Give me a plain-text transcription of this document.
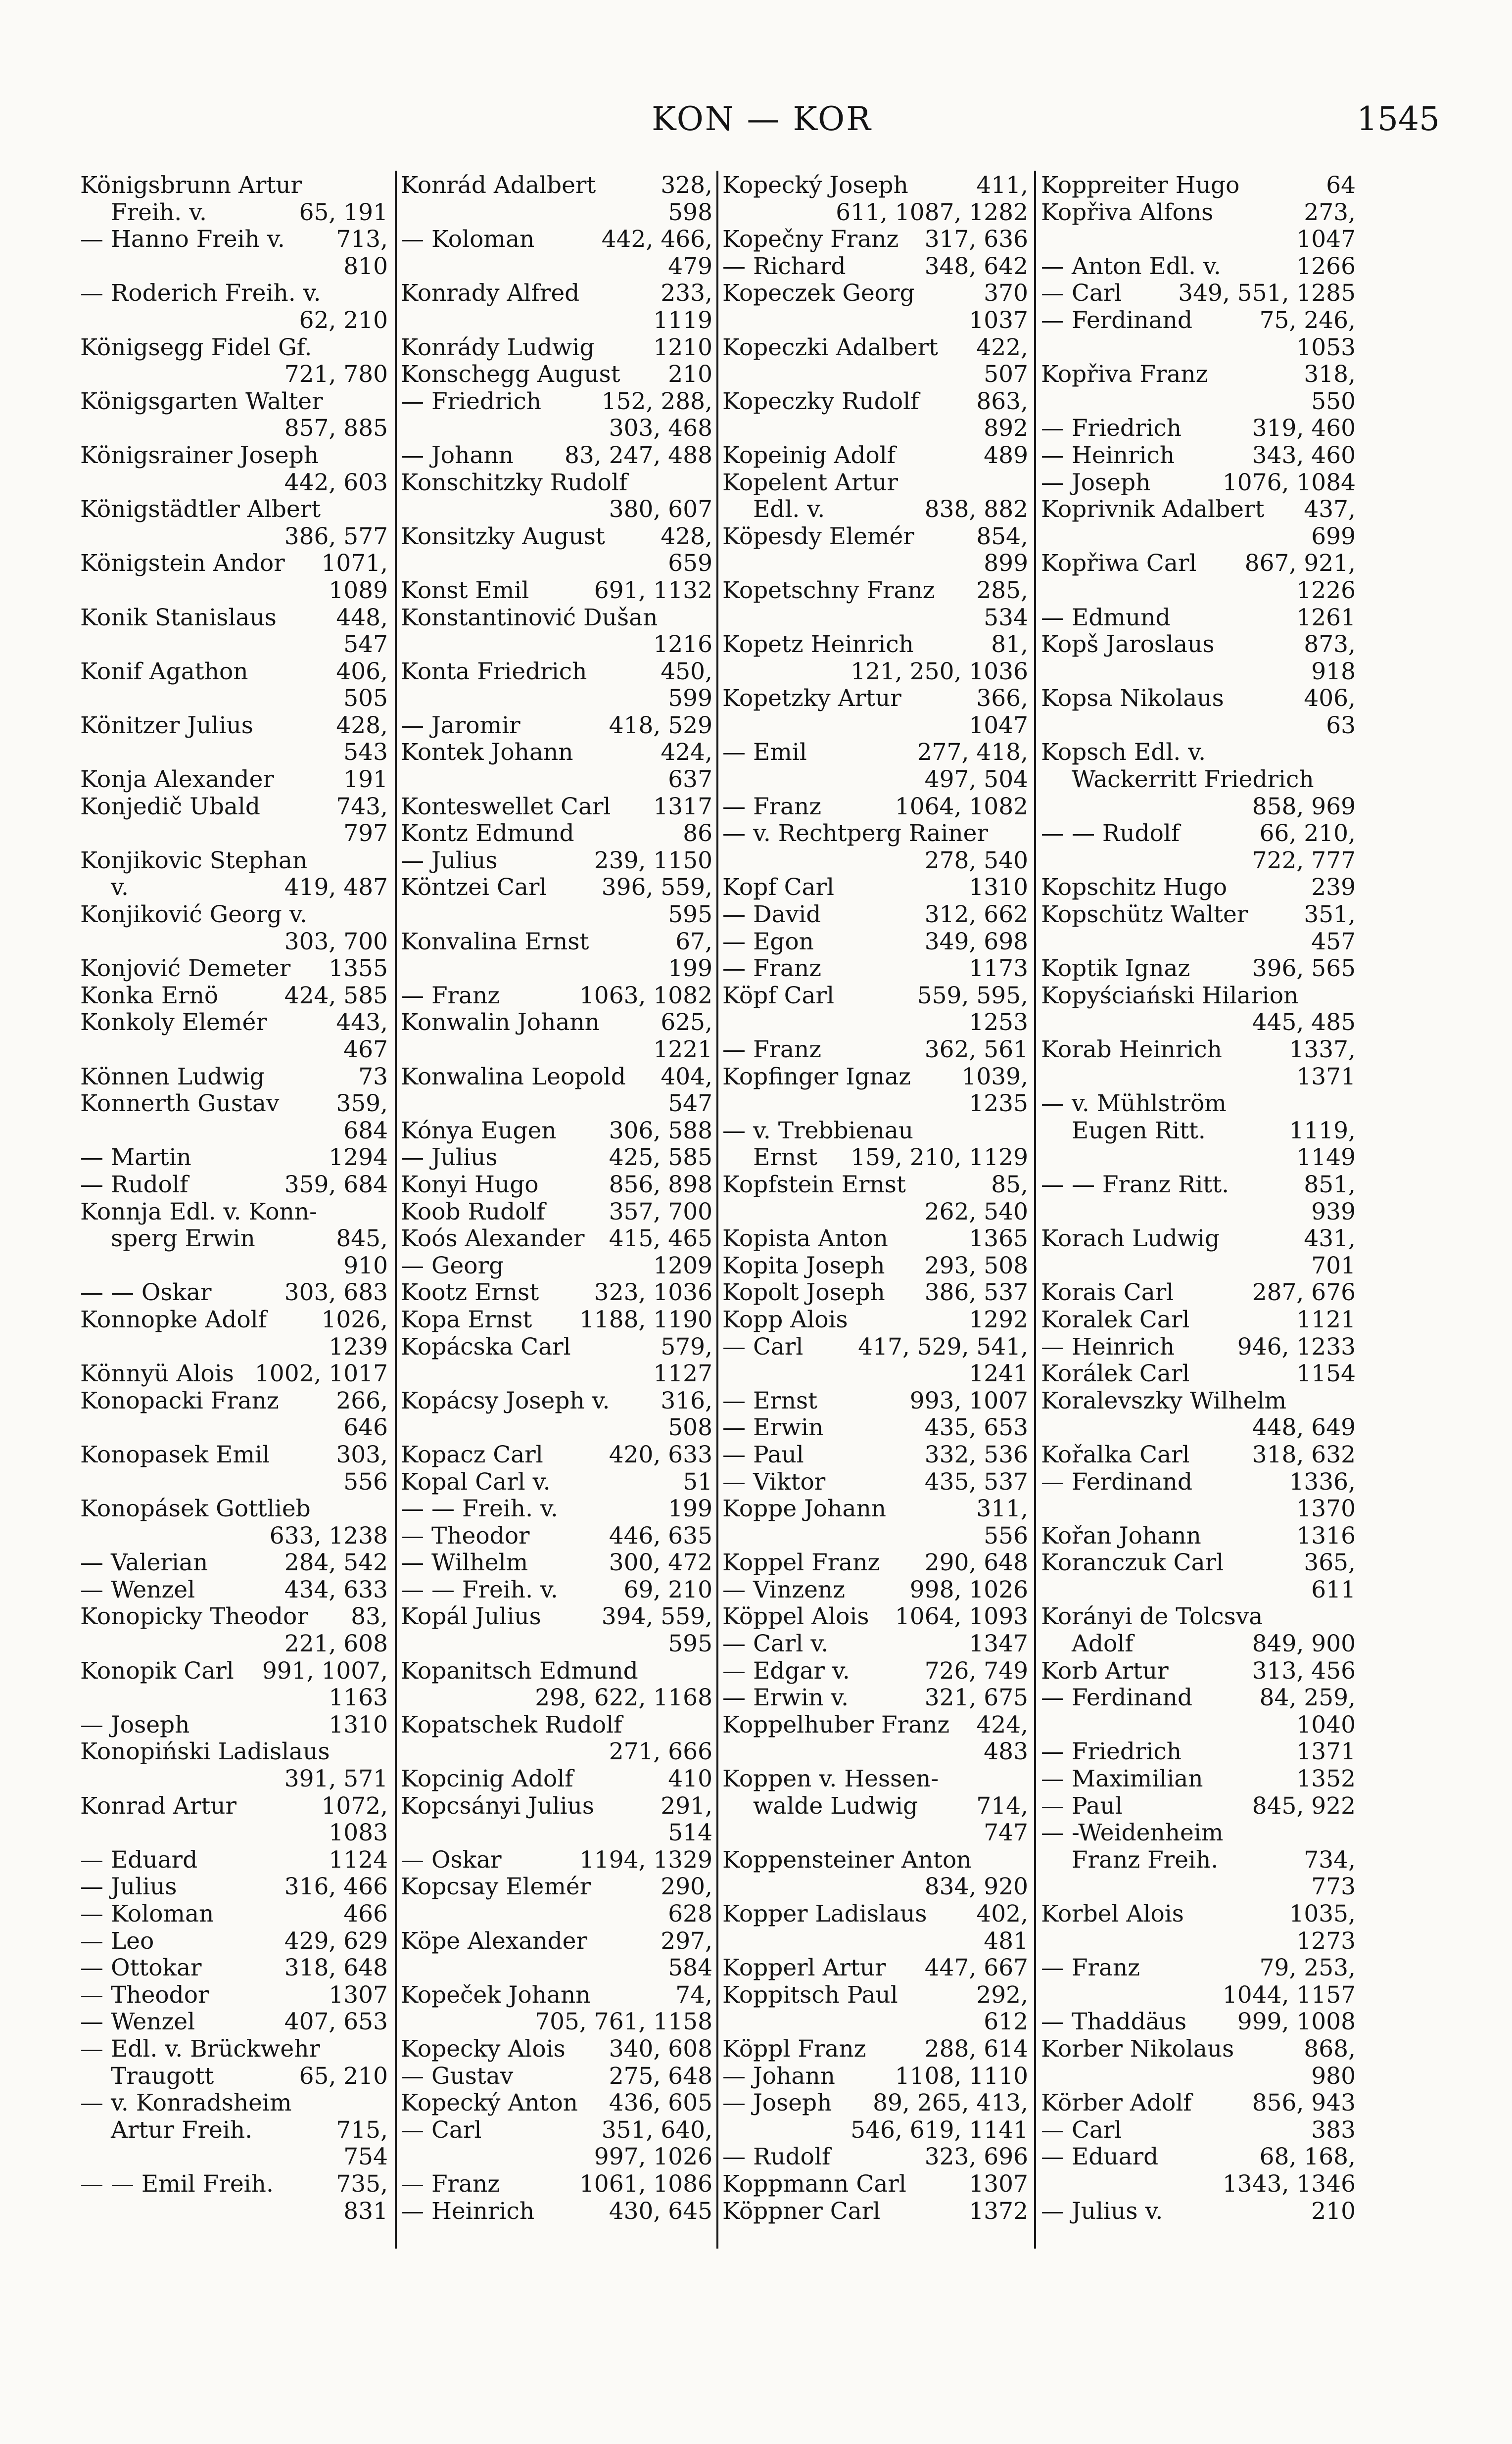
KON — KOR	1545
Königsbrunn Artur
Freih. v.	65, 191
— Hanno Freih v.	713,
810
— Roderich Freih. v.
62, 210
Königsegg Fidel Gf.
721, 780
Königsgarten Walter
857, 885
Königsrainer Joseph
442, 603
Königstädtler Albert
386, 577
Königstein Andor	1071,
1089
Konik Stanislaus	448,
547
Konif Agathon	406,
505
Könitzer Julius	428,
543
Konja Alexander	191
Konjedič Ubald	743,
797
Konjikovic Stephan
v.	419, 487
Konjiković Georg v.
303, 700
Konjović Demeter	1355
Konka Ernö	424, 585
Konkoly Elemér	443,
467
Können Ludwig	73
Konnerth Gustav	359,
684
— Martin	1294
— Rudolf	359, 684
Konnja Edl. v. Konn-
sperg Erwin	845,
910
— — Oskar	303, 683
Konnopke Adolf	1026,
1239
Könnyü Alois 1002, 1017
Konopacki Franz	266,
646
Konopasek Emil	303,
556
Konopásek Gottlieb
633, 1238
— Valerian	284, 542
— Wenzel	434, 633
Konopicky Theodor	83,
221, 608
Konopik Carl	991, 1007,
1163
— Joseph	1310
Konopiński Ladislaus
391, 571
Konrad Artur	1072,
1083
— Eduard	1124
— Julius	316, 466
— Koloman	466
— Leo	429, 629
— Ottokar	318, 648
— Theodor	1307
— Wenzel	407, 653
— Edl. v. Brückwehr
Traugott	65, 210
— v. Konradsheim
Artur Freih.	715,
754
— — Emil Freih.	735,
831
Konrád Adalbert	328,
598
— Koloman	442, 466,
479
Konrady Alfred	233,
1119
Konrády Ludwig	1210
Konschegg August	210
— Friedrich	152, 288,
303, 468
— Johann	83, 247, 488
Konschitzky Rudolf
380, 607
Konsitzky August	428,
659
Konst Emil	691, 1132
Konstantinović Dušan
1216
Konta Friedrich	450,
599
— Jaromir	418, 529
Kontek Johann	424,
637
Konteswellet Carl	1317
Kontz Edmund	86
— Julius	239, 1150
Köntzei Carl	396, 559,
595
Konvalina Ernst	67,
199
— Franz	1063, 1082
Konwalin Johann	625,
1221
Konwalina Leopold	404,
547
Kónya Eugen	306, 588
— Julius	425, 585
Konyi Hugo	856, 898
Koob Rudolf	357, 700
Koós Alexander	415, 465
— Georg	1209
Kootz Ernst	323, 1036
Kopa Ernst	1188, 1190
Kopácska Carl	579,
1127
Kopácsy Joseph v.	316,
508
Kopacz Carl	420, 633
Kopal Carl v.	51
— — Freih. v.	199
— Theodor	446, 635
— Wilhelm	300, 472
— — Freih. v.	69, 210
Kopál Julius	394, 559,
595
Kopanitsch Edmund
298, 622, 1168
Kopatschek Rudolf
271, 666
Kopcinig Adolf	410
Kopcsányi Julius	291,
514
— Oskar	1194, 1329
Kopcsay Elemér	290,
628
Köpe Alexander	297,
584
Kopeček Johann	74,
705, 761, 1158
Kopecky Alois	340, 608
— Gustav	275, 648
Kopecký Anton	436, 605
— Carl	351, 640,
997, 1026
— Franz	1061, 1086
— Heinrich	430, 645
Kopecký Joseph	411,
611, 1087, 1282
Kopečny Franz	317, 636
— Richard	348, 642
Kopeczek Georg	370
1037
Kopeczki Adalbert	422,
507
Kopeczky Rudolf	863,
892
Kopeinig Adolf	489
Kopelent Artur
Edl. v.	838, 882
Köpesdy Elemér	854,
899
Kopetschny Franz	285,
534
Kopetz Heinrich	81,
121, 250, 1036
Kopetzky Artur	366,
1047
— Emil	277, 418,
497, 504
— Franz	1064, 1082
— v. Rechtperg Rainer
278, 540
Kopf Carl	1310
— David	312, 662
— Egon	349, 698
— Franz	1173
Köpf Carl	559, 595,
1253
— Franz	362, 561
Kopfinger Ignaz	1039,
1235
— v. Trebbienau
Ernst	159, 210, 1129
Kopfstein Ernst	85,
262, 540
Kopista Anton	1365
Kopita Joseph	293, 508
Kopolt Joseph	386, 537
Kopp Alois	1292
— Carl	417, 529, 541,
1241
— Ernst	993, 1007
— Erwin	435, 653
— Paul	332, 536
— Viktor	435, 537
Koppe Johann	311,
556
Koppel Franz	290, 648
— Vinzenz	998, 1026
Köppel Alois	1064, 1093
— Carl v.	1347
— Edgar v.	726, 749
— Erwin v.	321, 675
Koppelhuber Franz	424,
483
Koppen v. Hessen-
walde Ludwig	714,
747
Koppensteiner Anton
834, 920
Kopper Ladislaus	402,
481
Kopperl Artur	447, 667
Koppitsch Paul	292,
612
Köppl Franz	288, 614
— Johann	1108, 1110
— Joseph	89, 265, 413,
546, 619, 1141
— Rudolf	323, 696
Koppmann Carl	1307
Köppner Carl	1372
Koppreiter Hugo	64
Kopřiva Alfons	273,
1047
— Anton Edl. v.	1266
— Carl	349, 551, 1285
— Ferdinand	75, 246,
1053
Kopřiva Franz	318,
550
— Friedrich	319, 460
— Heinrich	343, 460
— Joseph	1076, 1084
Koprivnik Adalbert	437,
699
Kopřiwa Carl	867, 921,
1226
— Edmund	1261
Kopš Jaroslaus	873,
918
Kopsa Nikolaus	406,
63
Kopsch Edl. v.
Wackerritt Friedrich
858, 969
— — Rudolf	66, 210,
722, 777
Kopschitz Hugo	239
Kopschütz Walter	351,
457
Koptik Ignaz	396, 565
Kopyściański Hilarion
445, 485
Korab Heinrich	1337,
1371
— v. Mühlström
Eugen Ritt.	1119,
1149
— — Franz Ritt.	851,
939
Korach Ludwig	431,
701
Korais Carl	287, 676
Koralek Carl	1121
— Heinrich	946, 1233
Korálek Carl	1154
Koralevszky Wilhelm
448, 649
Kořalka Carl	318, 632
— Ferdinand	1336,
1370
Kořan Johann	1316
Koranczuk Carl	365,
611
Korányi de Tolcsva
Adolf	849, 900
Korb Artur	313, 456
— Ferdinand	84, 259,
1040
— Friedrich	1371
— Maximilian	1352
— Paul	845, 922
— -Weidenheim
Franz Freih.	734,
773
Korbel Alois	1035,
1273
— Franz	79, 253,
1044, 1157
— Thaddäus	999, 1008
Korber Nikolaus	868,
980
Körber Adolf	856, 943
— Carl	383
— Eduard	68, 168,
1343, 1346
— Julius v.	210
